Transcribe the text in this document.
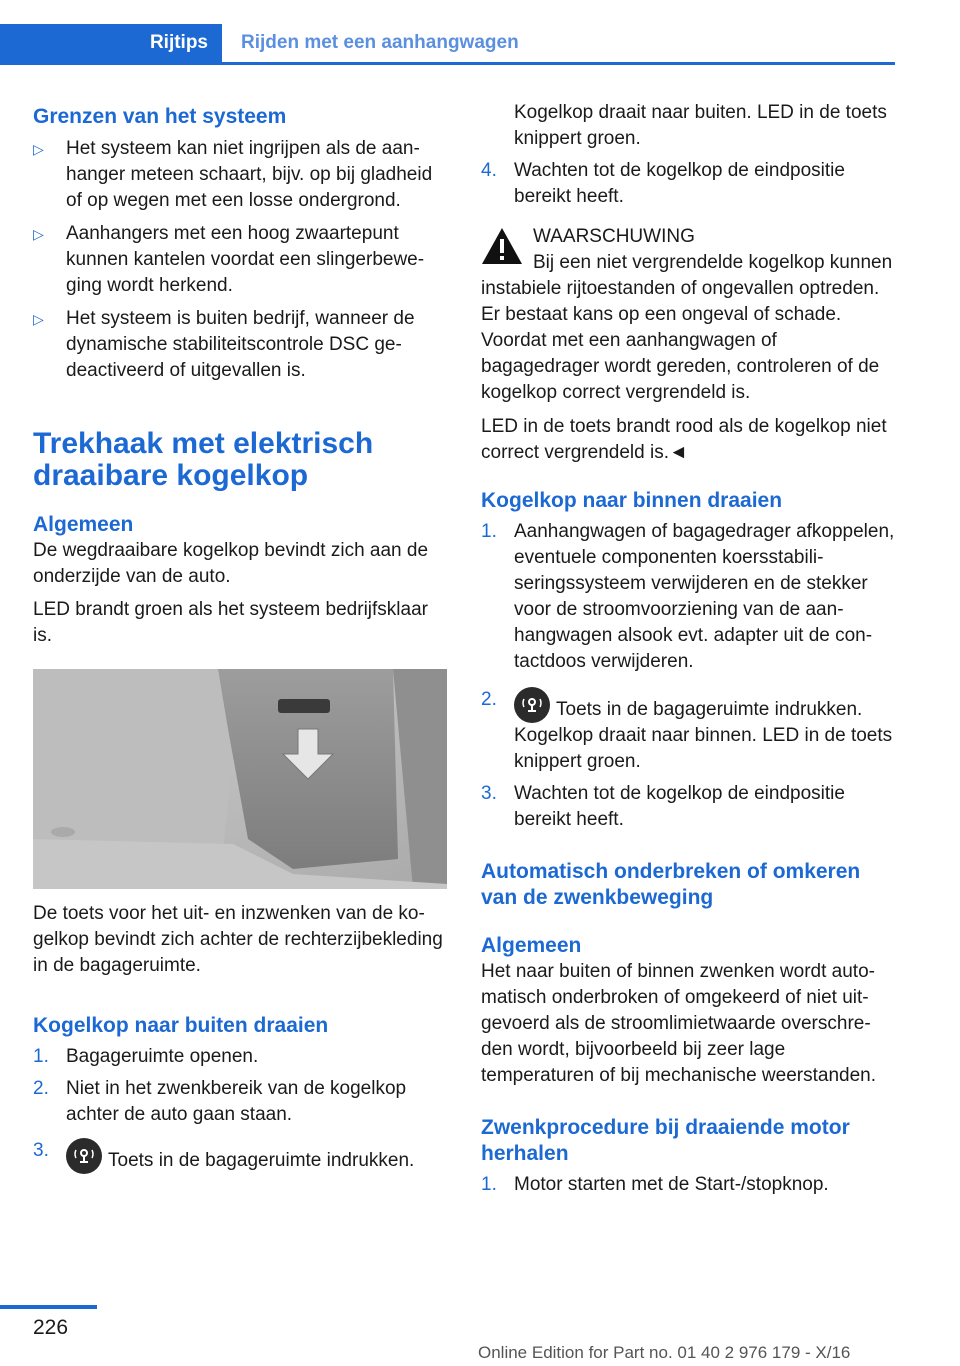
Rijtips	Rijden met een aanhangwagen
Grenzen van het systeem
▷	Het systeem kan niet ingrijpen als de aanhanger meteen schaart, bijv. op bij gladheid of op wegen met een losse ondergrond.
▷	Aanhangers met een hoog zwaartepunt kunnen kantelen voordat een slingerbeweging wordt herkend.
▷	Het systeem is buiten bedrijf, wanneer de dynamische stabiliteitscontrole DSC gedeactiveerd of uitgevallen is.
Trekhaak met elektrisch draaibare kogelkop
Algemeen

De wegdraaibare kogelkop bevindt zich aan de onderzijde van de auto.

LED brandt groen als het systeem bedrijfsklaar is.

De toets voor het uit- en inzwenken van de kogelkop bevindt zich achter de rechterzijbekleding in de bagageruimte.

Kogelkop naar buiten draaien
1. Bagageruimte openen.
2. Niet in het zwenkbereik van de kogelkop achter de auto gaan staan.
3.	Toets in de bagageruimte indrukken.

Kogelkop draait naar buiten. LED in de toets knippert groen.

4. Wachten tot de kogelkop de eindpositie bereikt heeft.

WAARSCHUWING

Bij een niet vergrendelde kogelkop kunnen instabiele rijtoestanden of ongevallen optreden. Er bestaat kans op een ongeval of schade. Voordat met een aanhangwagen of bagagedrager wordt gereden, controleren of de kogelkop correct vergrendeld is.

LED in de toets brandt rood als de kogelkop niet correct vergrendeld is.◄

Kogelkop naar binnen draaien
1. Aanhangwagen of bagagedrager afkoppelen, eventuele componenten koersstabiliseringssysteem verwijderen en de stekker voor de stroomvoorziening van de aanhangwagen alsook evt. adapter uit de contactdoos verwijderen.
2.	Toets in de bagageruimte indrukken.
Kogelkop draait naar binnen. LED in de toets knippert groen.
3. Wachten tot de kogelkop de eindpositie bereikt heeft.
Automatisch onderbreken of omkeren van de zwenkbeweging
Algemeen

Het naar buiten of binnen zwenken wordt automatisch onderbroken of omgekeerd of niet uitgevoerd als de stroomlimietwaarde overschreden wordt, bijvoorbeeld bij zeer lage temperaturen of bij mechanische weerstanden.

Zwenkprocedure bij draaiende motor herhalen
1. Motor starten met de Start-/stopknop.
226
Online Edition for Part no. 01 40 2 976 179 - X/16
